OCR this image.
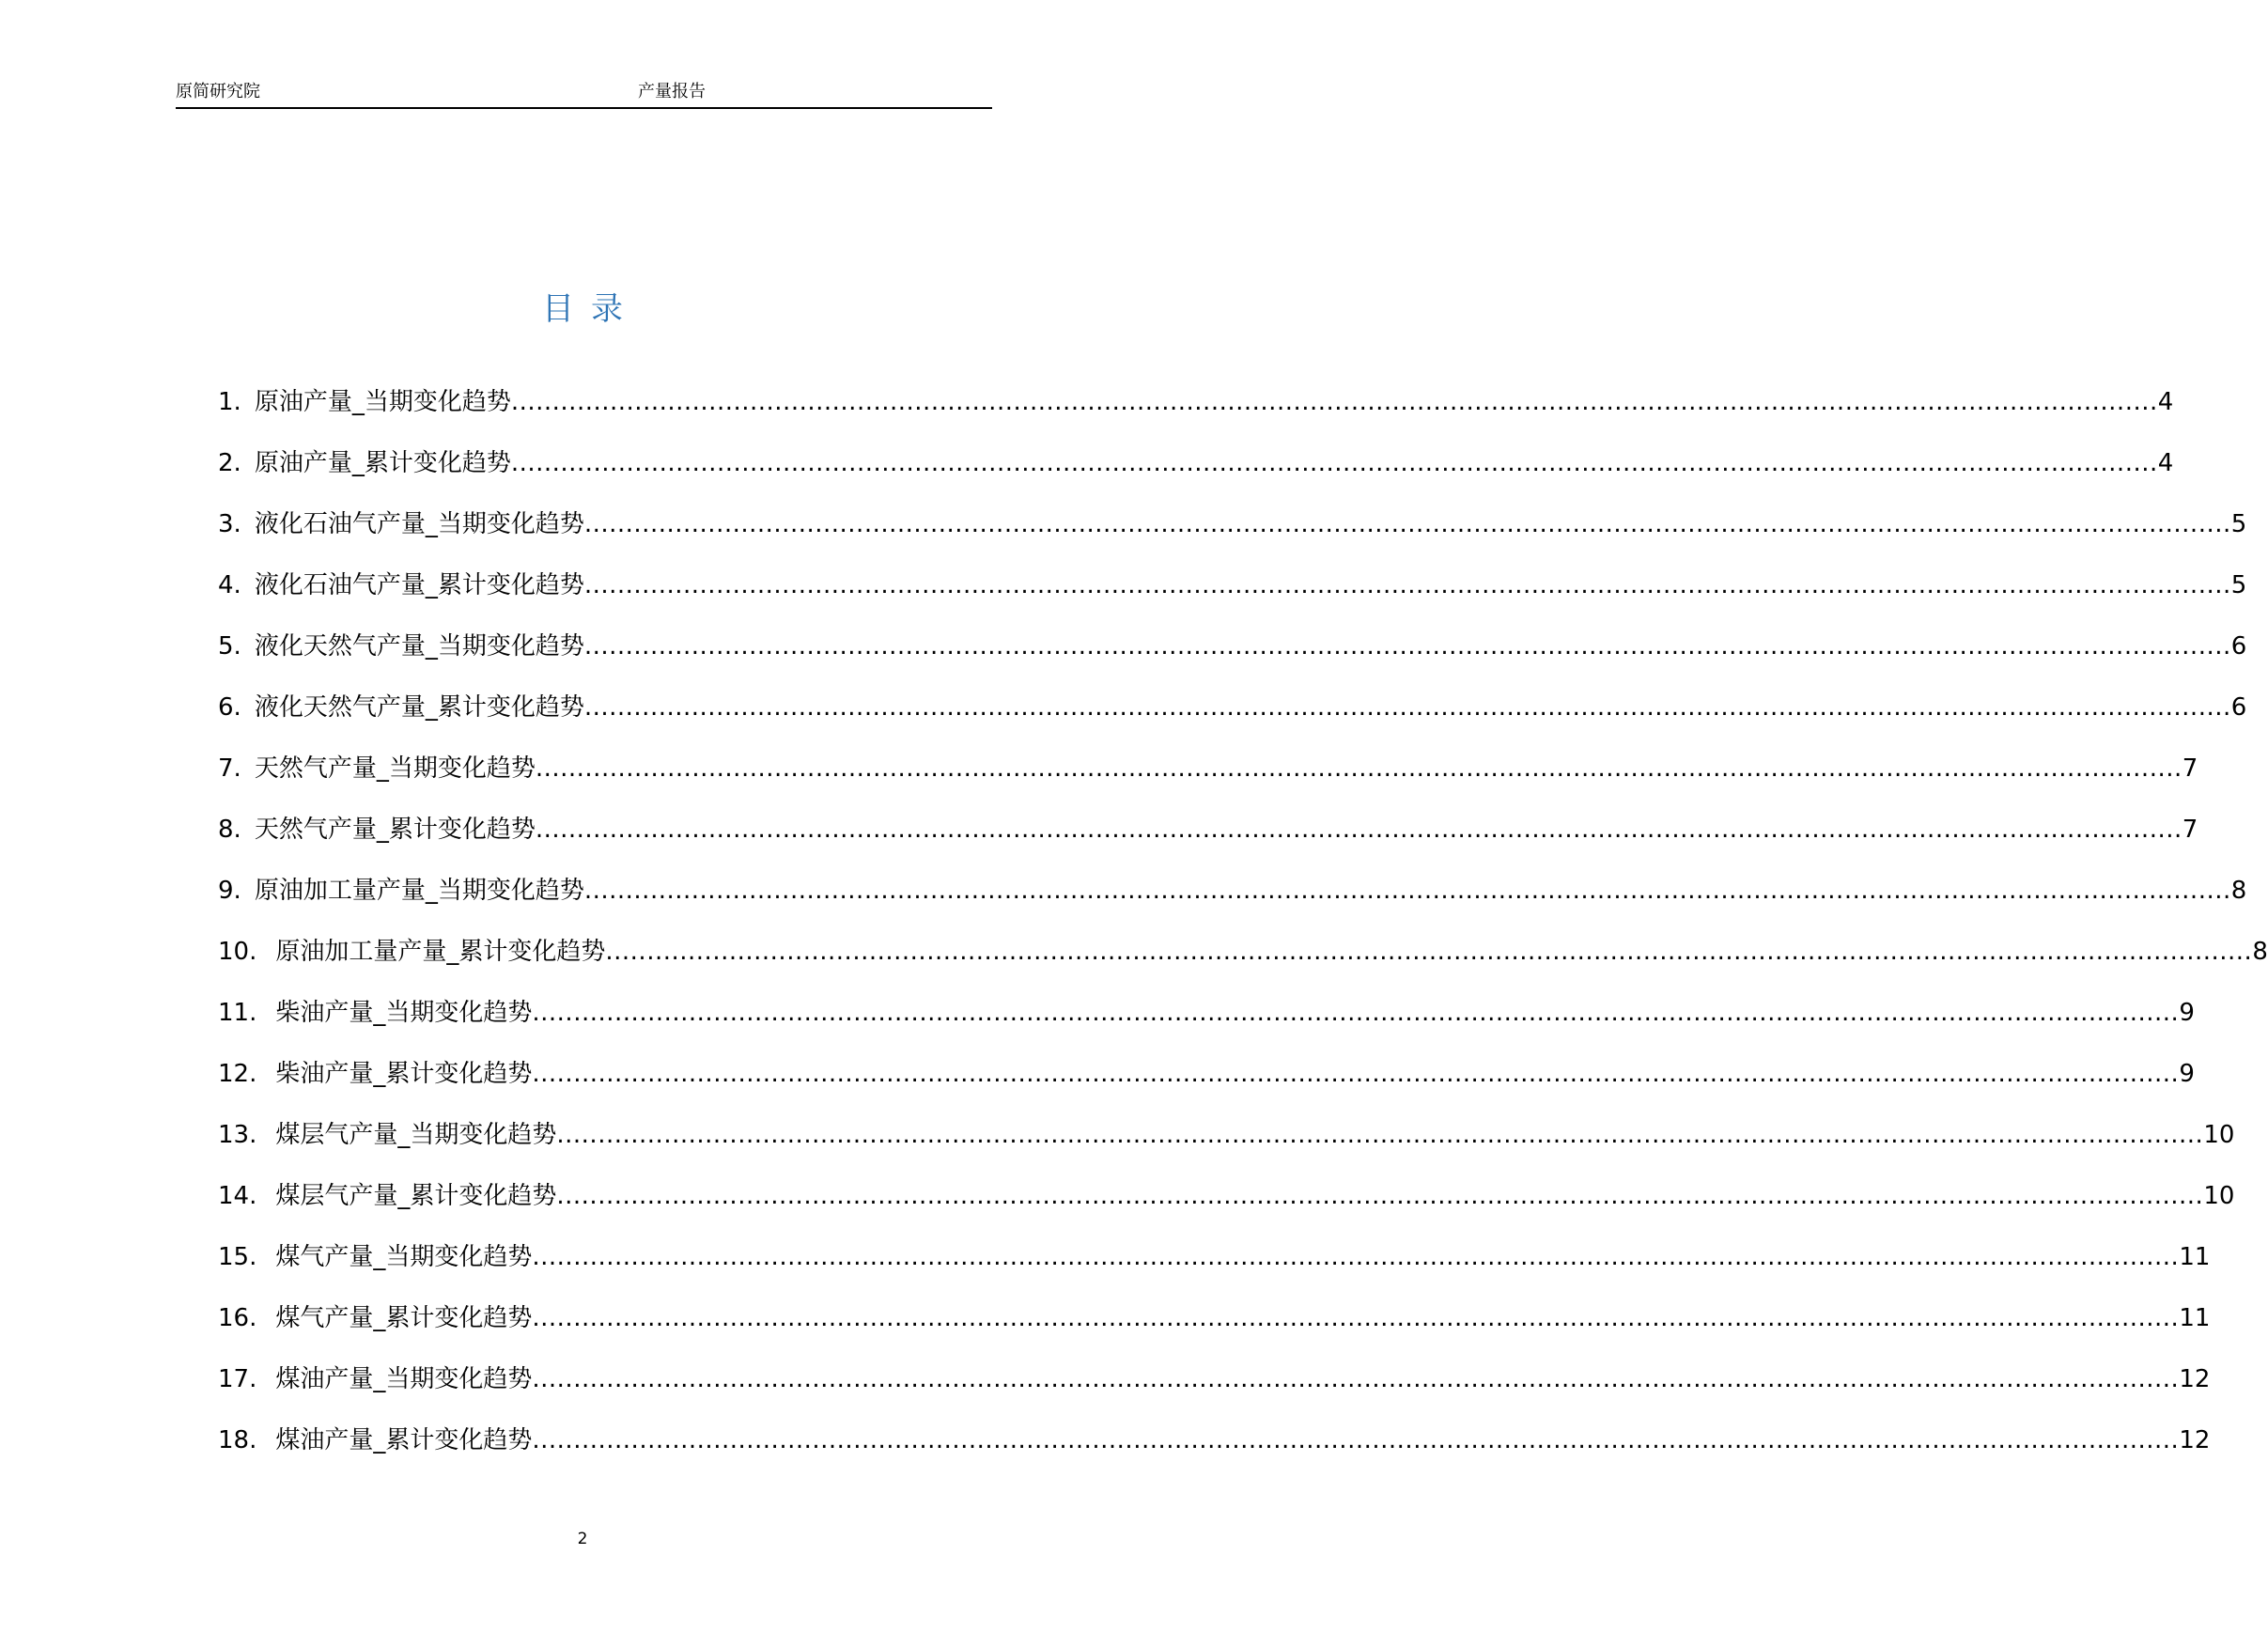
原简研究院	产量报告
目录
1. 原油产量_当期变化趋势 ........................................................................................................................................................................................................ 4
2. 原油产量_累计变化趋势 ........................................................................................................................................................................................................ 4
3. 液化石油气产量_当期变化趋势 ........................................................................................................................................................................................................ 5
4. 液化石油气产量_累计变化趋势 ........................................................................................................................................................................................................ 5
5. 液化天然气产量_当期变化趋势 ........................................................................................................................................................................................................ 6
6. 液化天然气产量_累计变化趋势 ........................................................................................................................................................................................................ 6
7. 天然气产量_当期变化趋势 ........................................................................................................................................................................................................ 7
8. 天然气产量_累计变化趋势 ........................................................................................................................................................................................................ 7
9. 原油加工量产量_当期变化趋势 ........................................................................................................................................................................................................ 8
10. 原油加工量产量_累计变化趋势 ........................................................................................................................................................................................................ 8
11. 柴油产量_当期变化趋势 ........................................................................................................................................................................................................ 9
12. 柴油产量_累计变化趋势 ........................................................................................................................................................................................................ 9
13. 煤层气产量_当期变化趋势 ........................................................................................................................................................................................................ 10
14. 煤层气产量_累计变化趋势 ........................................................................................................................................................................................................ 10
15. 煤气产量_当期变化趋势 ........................................................................................................................................................................................................ 11
16. 煤气产量_累计变化趋势 ........................................................................................................................................................................................................ 11
17. 煤油产量_当期变化趋势 ........................................................................................................................................................................................................ 12
18. 煤油产量_累计变化趋势 ........................................................................................................................................................................................................ 12
2
